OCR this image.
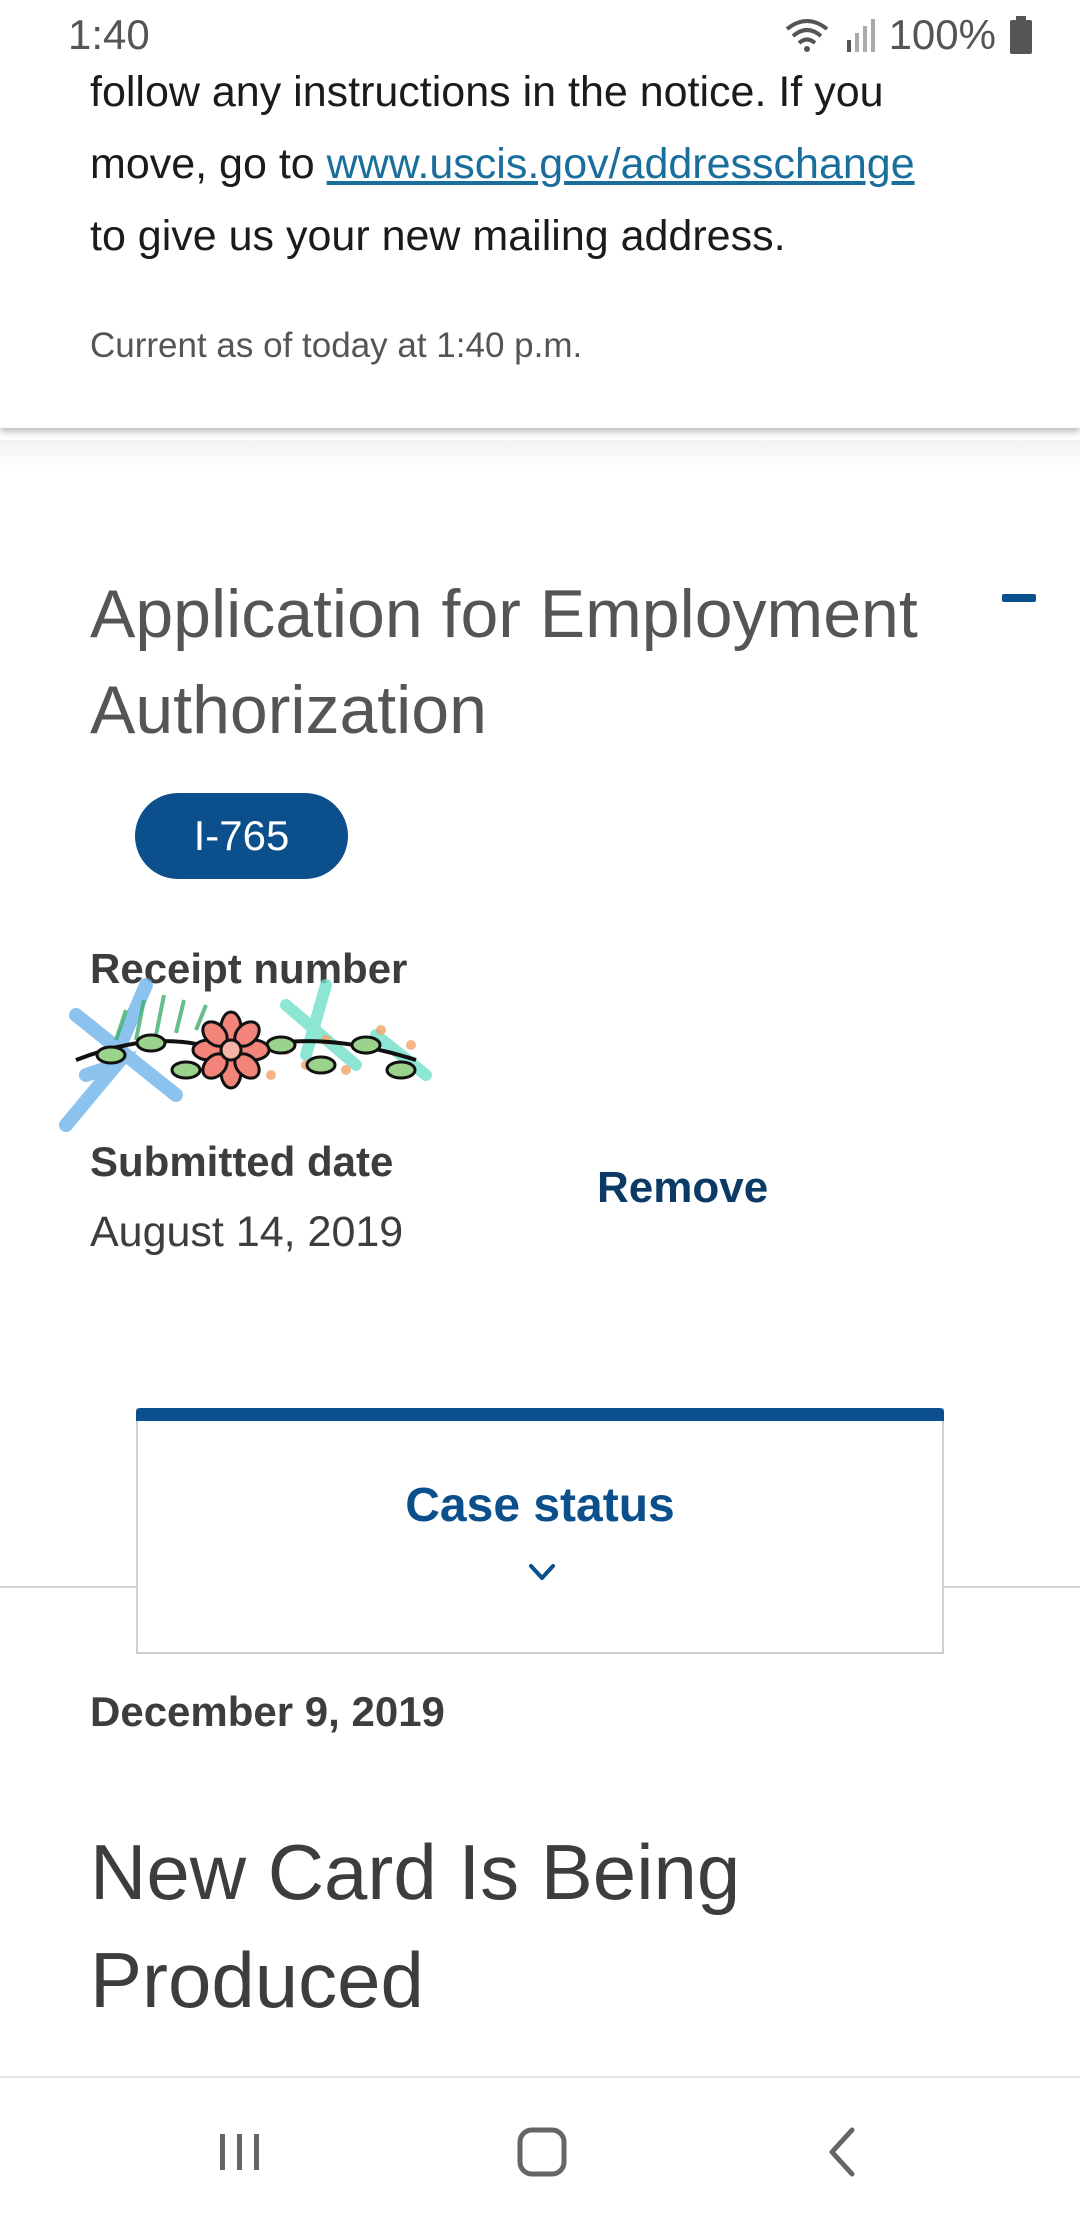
follow any instructions in the notice. If you
move, go to www.uscis.gov/addresschange
to give us your new mailing address.
Current as of today at 1:40 p.m.
1:40	100%
Application for Employment Authorization
I-765
Receipt number
Submitted date
August 14, 2019
Remove
Case status
December 9, 2019
New Card Is Being Produced
